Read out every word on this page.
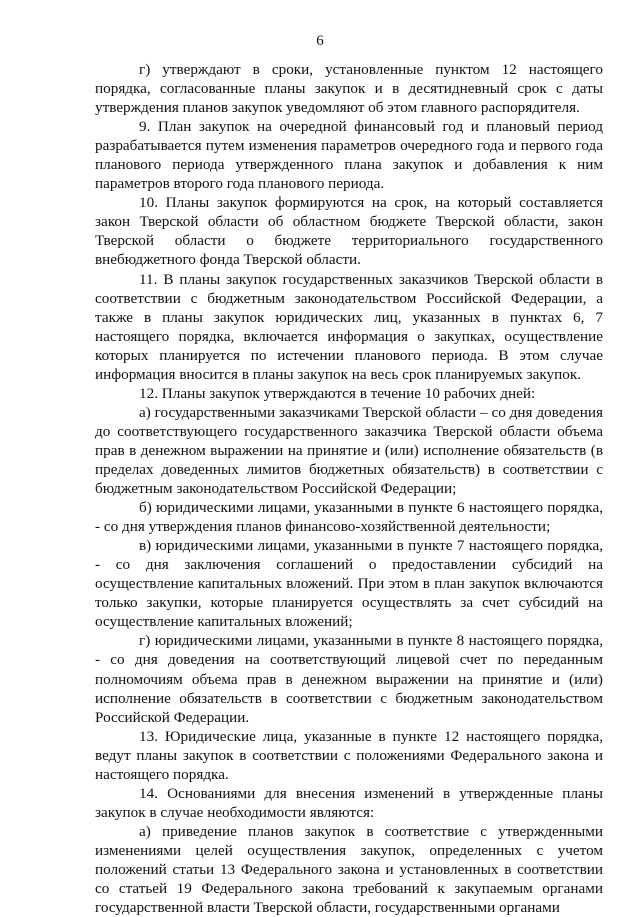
6

г) утверждают в сроки, установленные пунктом 12 настоящего порядка, согласованные планы закупок и в десятидневный срок с даты утверждения планов закупок уведомляют об этом главного распорядителя.

9. План закупок на очередной финансовый год и плановый период разрабатывается путем изменения параметров очередного года и первого года планового периода утвержденного плана закупок и добавления к ним параметров второго года планового периода.

10. Планы закупок формируются на срок, на который составляется закон Тверской области об областном бюджете Тверской области, закон Тверской области о бюджете территориального государственного внебюджетного фонда Тверской области.

11. В планы закупок государственных заказчиков Тверской области в соответствии с бюджетным законодательством Российской Федерации, а также в планы закупок юридических лиц, указанных в пунктах 6, 7 настоящего порядка, включается информация о закупках, осуществление которых планируется по истечении планового периода. В этом случае информация вносится в планы закупок на весь срок планируемых закупок.

12. Планы закупок утверждаются в течение 10 рабочих дней:

а) государственными заказчиками Тверской области – со дня доведения до соответствующего государственного заказчика Тверской области объема прав в денежном выражении на принятие и (или) исполнение обязательств (в пределах доведенных лимитов бюджетных обязательств) в соответствии с бюджетным законодательством Российской Федерации;

б) юридическими лицами, указанными в пункте 6 настоящего порядка, - со дня утверждения планов финансово-хозяйственной деятельности;

в) юридическими лицами, указанными в пункте 7 настоящего порядка, - со дня заключения соглашений о предоставлении субсидий на осуществление капитальных вложений. При этом в план закупок включаются только закупки, которые планируется осуществлять за счет субсидий на осуществление капитальных вложений;

г) юридическими лицами, указанными в пункте 8 настоящего порядка, - со дня доведения на соответствующий лицевой счет по переданным полномочиям объема прав в денежном выражении на принятие и (или) исполнение обязательств в соответствии с бюджетным законодательством Российской Федерации.

13. Юридические лица, указанные в пункте 12 настоящего порядка, ведут планы закупок в соответствии с положениями Федерального закона и настоящего порядка.

14. Основаниями для внесения изменений в утвержденные планы закупок в случае необходимости являются:

а) приведение планов закупок в соответствие с утвержденными изменениями целей осуществления закупок, определенных с учетом положений статьи 13 Федерального закона и установленных в соответствии со статьей 19 Федерального закона требований к закупаемым органами государственной власти Тверской области, государственными органами
